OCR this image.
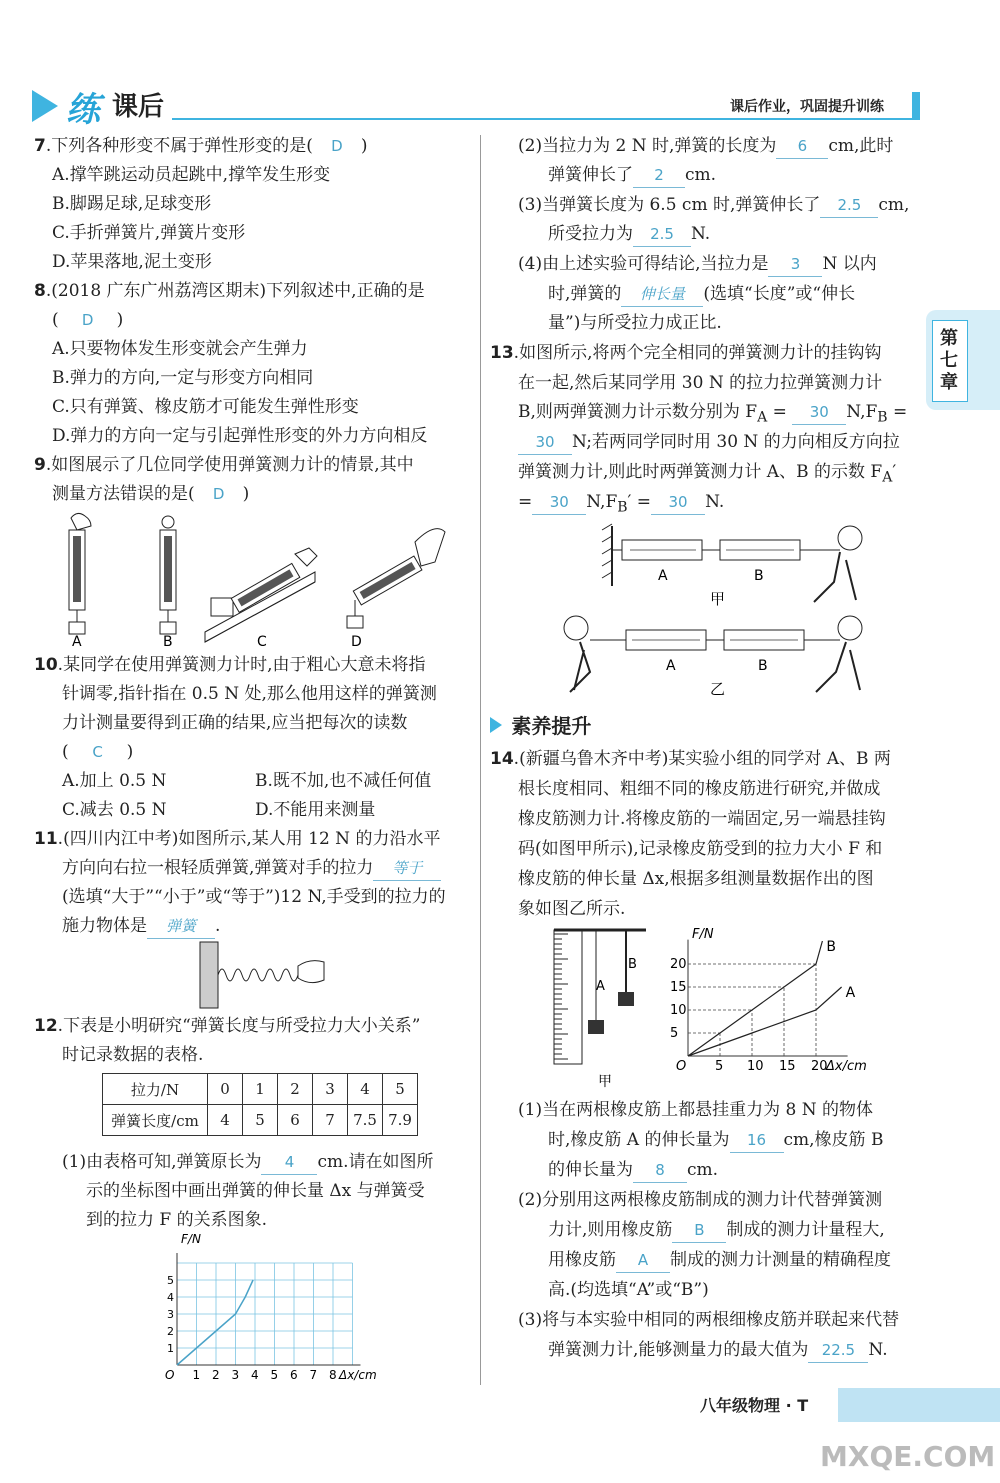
练 课后	课后作业，巩固提升训练
第七章
7.下列各种形变不属于弹性形变的是( D )
A.撑竿跳运动员起跳中,撑竿发生形变
B.脚踢足球,足球变形
C.手折弹簧片,弹簧片变形
D.苹果落地,泥土变形
8.(2018 广东广州荔湾区期末)下列叙述中,正确的是
( D )
A.只要物体发生形变就会产生弹力
B.弹力的方向,一定与形变方向相同
C.只有弹簧、橡皮筋才可能发生弹性形变
D.弹力的方向一定与引起弹性形变的外力方向相反
9.如图展示了几位同学使用弹簧测力计的情景,其中
测量方法错误的是( D )
A	B	C	D
10.某同学在使用弹簧测力计时,由于粗心大意未将指
针调零,指针指在 0.5 N 处,那么他用这样的弹簧测
力计测量要得到正确的结果,应当把每次的读数
( C )
A.加上 0.5 N	B.既不加,也不减任何值
C.减去 0.5 N	D.不能用来测量
11.(四川内江中考)如图所示,某人用 12 N 的力沿水平
方向向右拉一根轻质弹簧,弹簧对手的拉力 等于
(选填“大于”“小于”或“等于”)12 N,手受到的拉力的
施力物体是 弹簧 .
12.下表是小明研究“弹簧长度与所受拉力大小关系”
时记录数据的表格.
拉力/N	0	1	2	3	4	5
弹簧长度/cm	4	5	6	7	7.5	7.9
(1)由表格可知,弹簧原长为 4 cm.请在如图所
示的坐标图中画出弹簧的伸长量 Δx 与弹簧受
到的拉力 F 的关系图象.
1 2 3 4 5 6 7 8
1
2
3
4
5
O	Δx/cm
F/N
(2)当拉力为 2 N 时,弹簧的长度为 6 cm,此时
弹簧伸长了 2 cm.
(3)当弹簧长度为 6.5 cm 时,弹簧伸长了 2.5 cm,
所受拉力为 2.5 N.
(4)由上述实验可得结论,当拉力是 3 N 以内
时,弹簧的 伸长量 (选填“长度”或“伸长
量”)与所受拉力成正比.
13.如图所示,将两个完全相同的弹簧测力计的挂钩钩
在一起,然后某同学用 30 N 的拉力拉弹簧测力计
B,则两弹簧测力计示数分别为 $F_A = 30$ $N,F_B$ =
30 N;若两同学同时用 30 N 的力向相反方向拉
弹簧测力计,则此时两弹簧测力计 A、B 的示数 $F_A'$
= 30 $N,F_B' = 30$ N.
A	B
甲
A	B
乙
素养提升
14.(新疆乌鲁木齐中考)某实验小组的同学对 A、B 两
根长度相同、粗细不同的橡皮筋进行研究,并做成
橡皮筋测力计.将橡皮筋的一端固定,另一端悬挂钩
码(如图甲所示),记录橡皮筋受到的拉力大小 F 和
橡皮筋的伸长量 Δx,根据多组测量数据作出的图
象如图乙所示.
A
B
甲
5 10 15 20
5
10
15
20
O	Δx/cm
F/N
A
B
(1)当在两根橡皮筋上都悬挂重力为 8 N 的物体
时,橡皮筋 A 的伸长量为 16 cm,橡皮筋 B
的伸长量为 8 cm.
(2)分别用这两根橡皮筋制成的测力计代替弹簧测
力计,则用橡皮筋 B 制成的测力计量程大,
用橡皮筋 A 制成的测力计测量的精确程度
高.(均选填“A”或“B”)
(3)将与本实验中相同的两根细橡皮筋并联起来代替
弹簧测力计,能够测量力的最大值为 22.5 N.
八年级物理 · T
MXQE.COM
